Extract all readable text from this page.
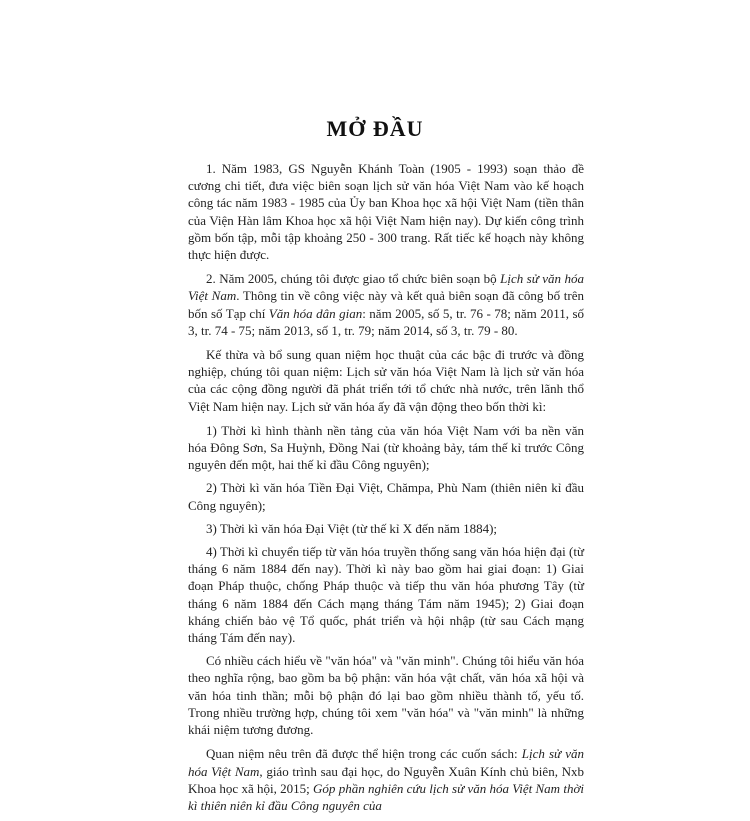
MỞ ĐẦU

1. Năm 1983, GS Nguyễn Khánh Toàn (1905 - 1993) soạn thảo đề cương chi tiết, đưa việc biên soạn lịch sử văn hóa Việt Nam vào kế hoạch công tác năm 1983 - 1985 của Ủy ban Khoa học xã hội Việt Nam (tiền thân của Viện Hàn lâm Khoa học xã hội Việt Nam hiện nay). Dự kiến công trình gồm bốn tập, mỗi tập khoảng 250 - 300 trang. Rất tiếc kế hoạch này không thực hiện được.

2. Năm 2005, chúng tôi được giao tổ chức biên soạn bộ Lịch sử văn hóa Việt Nam. Thông tin về công việc này và kết quả biên soạn đã công bố trên bốn số Tạp chí Văn hóa dân gian: năm 2005, số 5, tr. 76 - 78; năm 2011, số 3, tr. 74 - 75; năm 2013, số 1, tr. 79; năm 2014, số 3, tr. 79 - 80.

Kế thừa và bổ sung quan niệm học thuật của các bậc đi trước và đồng nghiệp, chúng tôi quan niệm: Lịch sử văn hóa Việt Nam là lịch sử văn hóa của các cộng đồng người đã phát triển tới tổ chức nhà nước, trên lãnh thổ Việt Nam hiện nay. Lịch sử văn hóa ấy đã vận động theo bốn thời kì:

1) Thời kì hình thành nền tảng của văn hóa Việt Nam với ba nền văn hóa Đông Sơn, Sa Huỳnh, Đồng Nai (từ khoảng bảy, tám thế kỉ trước Công nguyên đến một, hai thế kỉ đầu Công nguyên);

2) Thời kì văn hóa Tiền Đại Việt, Chămpa, Phù Nam (thiên niên kỉ đầu Công nguyên);

3) Thời kì văn hóa Đại Việt (từ thế kỉ X đến năm 1884);

4) Thời kì chuyển tiếp từ văn hóa truyền thống sang văn hóa hiện đại (từ tháng 6 năm 1884 đến nay). Thời kì này bao gồm hai giai đoạn: 1) Giai đoạn Pháp thuộc, chống Pháp thuộc và tiếp thu văn hóa phương Tây (từ tháng 6 năm 1884 đến Cách mạng tháng Tám năm 1945); 2) Giai đoạn kháng chiến bảo vệ Tổ quốc, phát triển và hội nhập (từ sau Cách mạng tháng Tám đến nay).

Có nhiều cách hiểu về "văn hóa" và "văn minh". Chúng tôi hiểu văn hóa theo nghĩa rộng, bao gồm ba bộ phận: văn hóa vật chất, văn hóa xã hội và văn hóa tinh thần; mỗi bộ phận đó lại bao gồm nhiều thành tố, yếu tố. Trong nhiều trường hợp, chúng tôi xem "văn hóa" và "văn minh" là những khái niệm tương đương.

Quan niệm nêu trên đã được thể hiện trong các cuốn sách: Lịch sử văn hóa Việt Nam, giáo trình sau đại học, do Nguyễn Xuân Kính chủ biên, Nxb Khoa học xã hội, 2015; Góp phần nghiên cứu lịch sử văn hóa Việt Nam thời kì thiên niên kỉ đầu Công nguyên của
